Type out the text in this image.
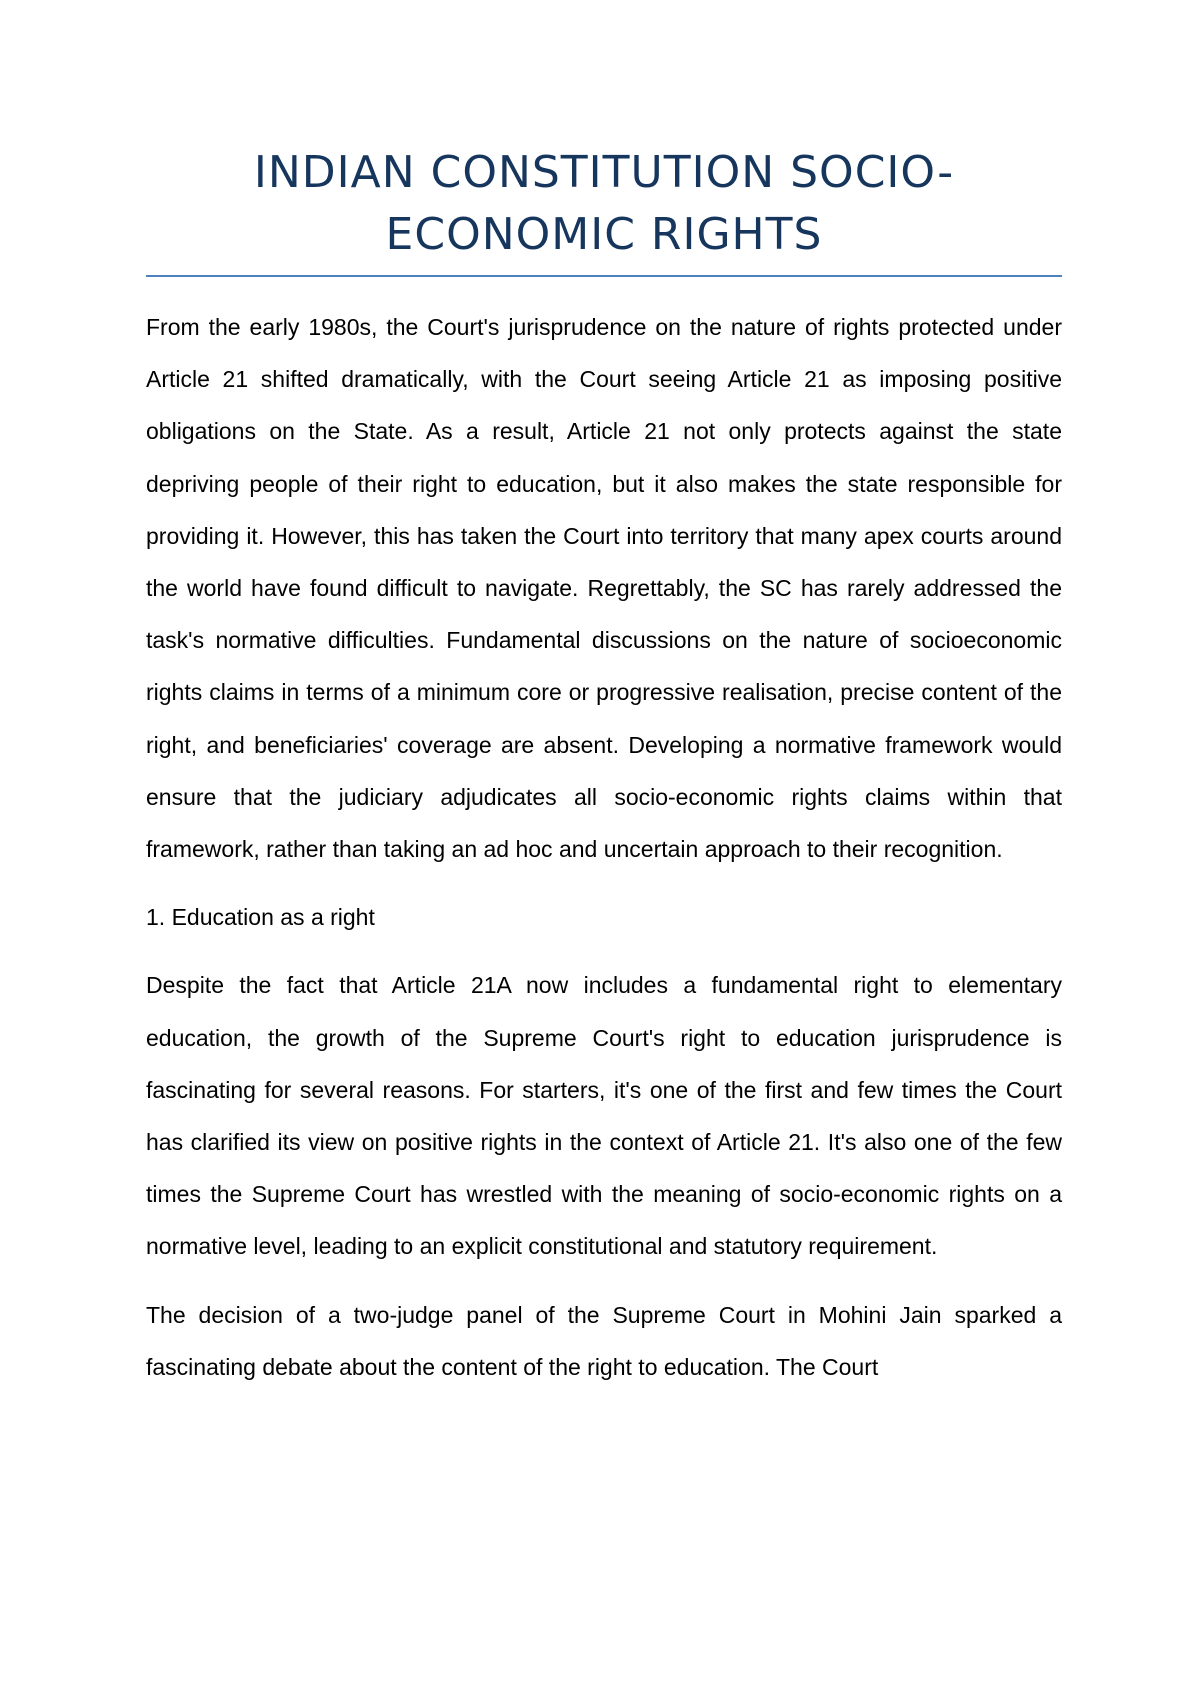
INDIAN CONSTITUTION SOCIO-ECONOMIC RIGHTS

From the early 1980s, the Court's jurisprudence on the nature of rights protected under Article 21 shifted dramatically, with the Court seeing Article 21 as imposing positive obligations on the State. As a result, Article 21 not only protects against the state depriving people of their right to education, but it also makes the state responsible for providing it. However, this has taken the Court into territory that many apex courts around the world have found difficult to navigate. Regrettably, the SC has rarely addressed the task's normative difficulties. Fundamental discussions on the nature of socioeconomic rights claims in terms of a minimum core or progressive realisation, precise content of the right, and beneficiaries' coverage are absent. Developing a normative framework would ensure that the judiciary adjudicates all socio-economic rights claims within that framework, rather than taking an ad hoc and uncertain approach to their recognition.

1. Education as a right

Despite the fact that Article 21A now includes a fundamental right to elementary education, the growth of the Supreme Court's right to education jurisprudence is fascinating for several reasons. For starters, it's one of the first and few times the Court has clarified its view on positive rights in the context of Article 21. It's also one of the few times the Supreme Court has wrestled with the meaning of socio-economic rights on a normative level, leading to an explicit constitutional and statutory requirement.

The decision of a two-judge panel of the Supreme Court in Mohini Jain sparked a fascinating debate about the content of the right to education. The Court
